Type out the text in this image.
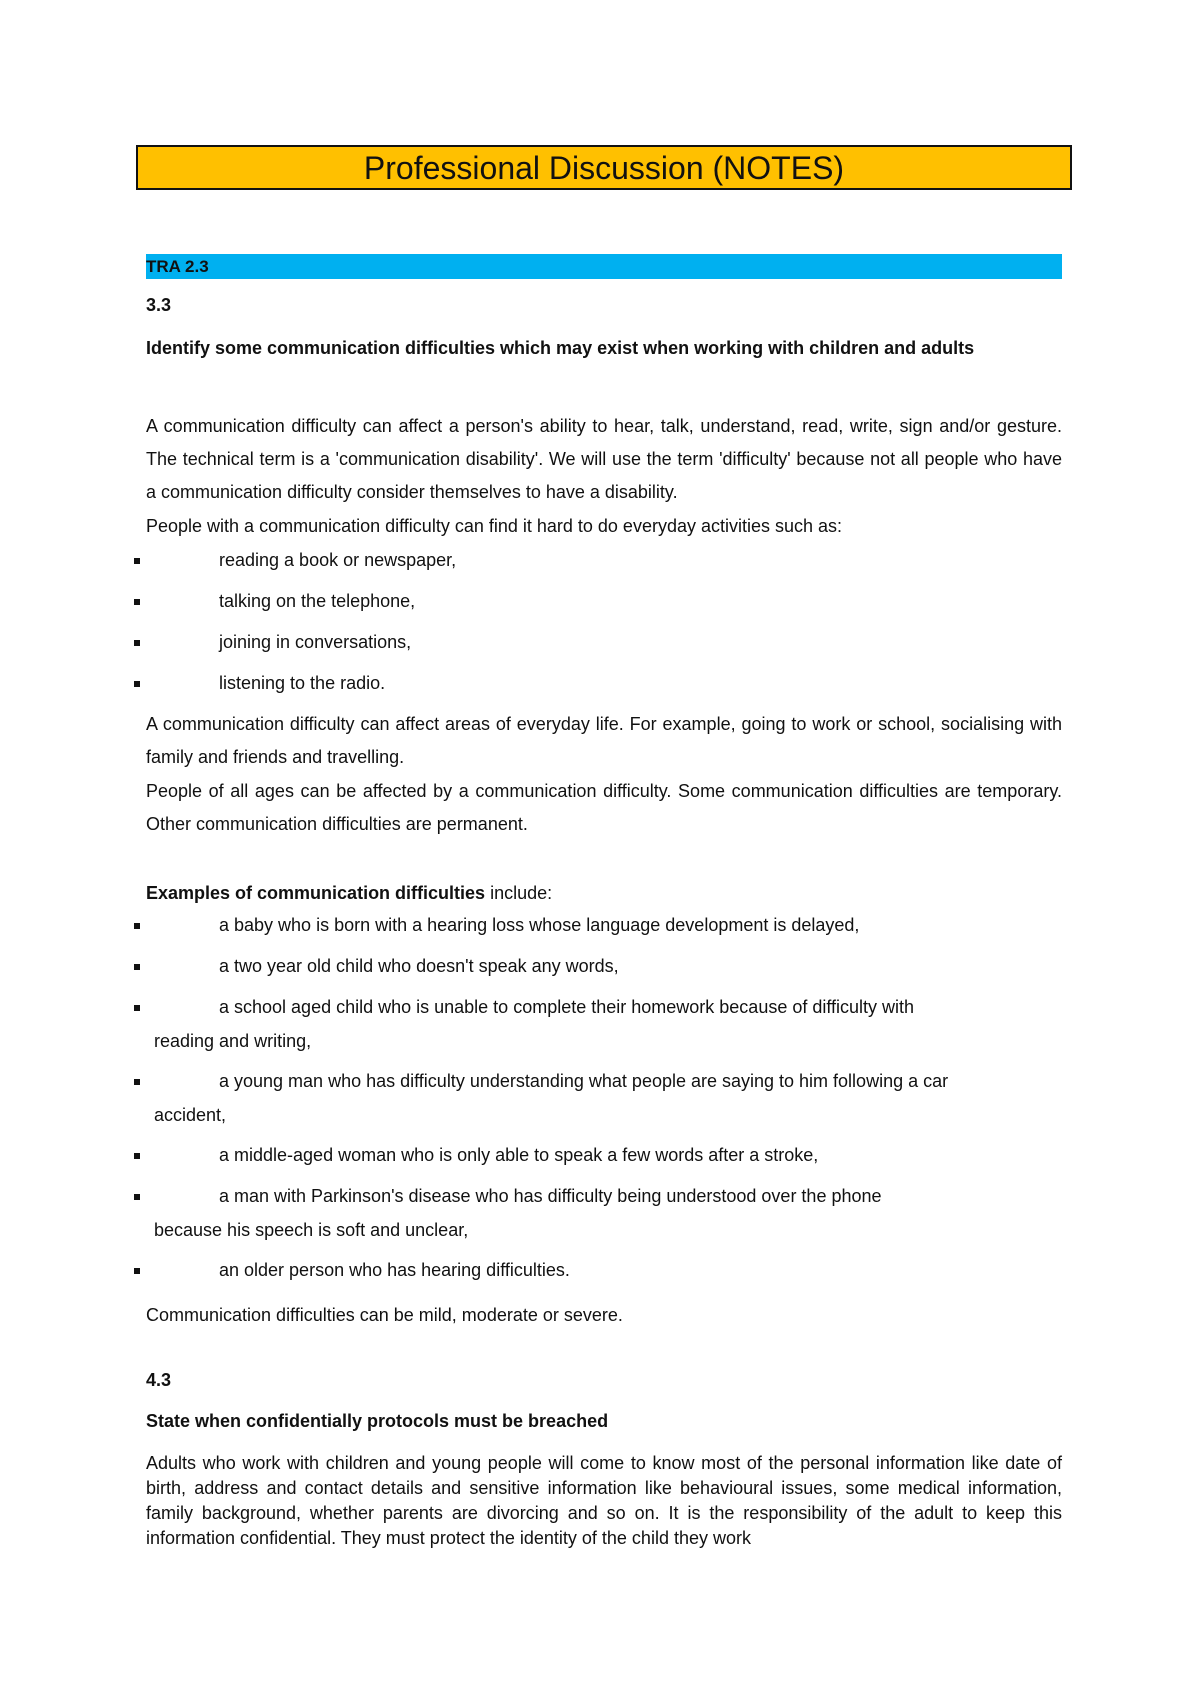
Professional Discussion (NOTES)
TRA 2.3
3.3
Identify some communication difficulties which may exist when working with children and adults
A communication difficulty can affect a person's ability to hear, talk, understand, read, write, sign and/or gesture. The technical term is a 'communication disability'. We will use the term 'difficulty' because not all people who have a communication difficulty consider themselves to have a disability.
People with a communication difficulty can find it hard to do everyday activities such as:
reading a book or newspaper,
talking on the telephone,
joining in conversations,
listening to the radio.
A communication difficulty can affect areas of everyday life. For example, going to work or school, socialising with family and friends and travelling.
People of all ages can be affected by a communication difficulty. Some communication difficulties are temporary. Other communication difficulties are permanent.
Examples of communication difficulties include:
a baby who is born with a hearing loss whose language development is delayed,
a two year old child who doesn't speak any words,
a school aged child who is unable to complete their homework because of difficulty with
reading and writing,
a young man who has difficulty understanding what people are saying to him following a car
accident,
a middle-aged woman who is only able to speak a few words after a stroke,
a man with Parkinson's disease who has difficulty being understood over the phone
because his speech is soft and unclear,
an older person who has hearing difficulties.
Communication difficulties can be mild, moderate or severe.
4.3
State when confidentially protocols must be breached
Adults who work with children and young people will come to know most of the personal information like date of birth, address and contact details and sensitive information like behavioural issues, some medical information, family background, whether parents are divorcing and so on. It is the responsibility of the adult to keep this information confidential. They must protect the identity of the child they work
